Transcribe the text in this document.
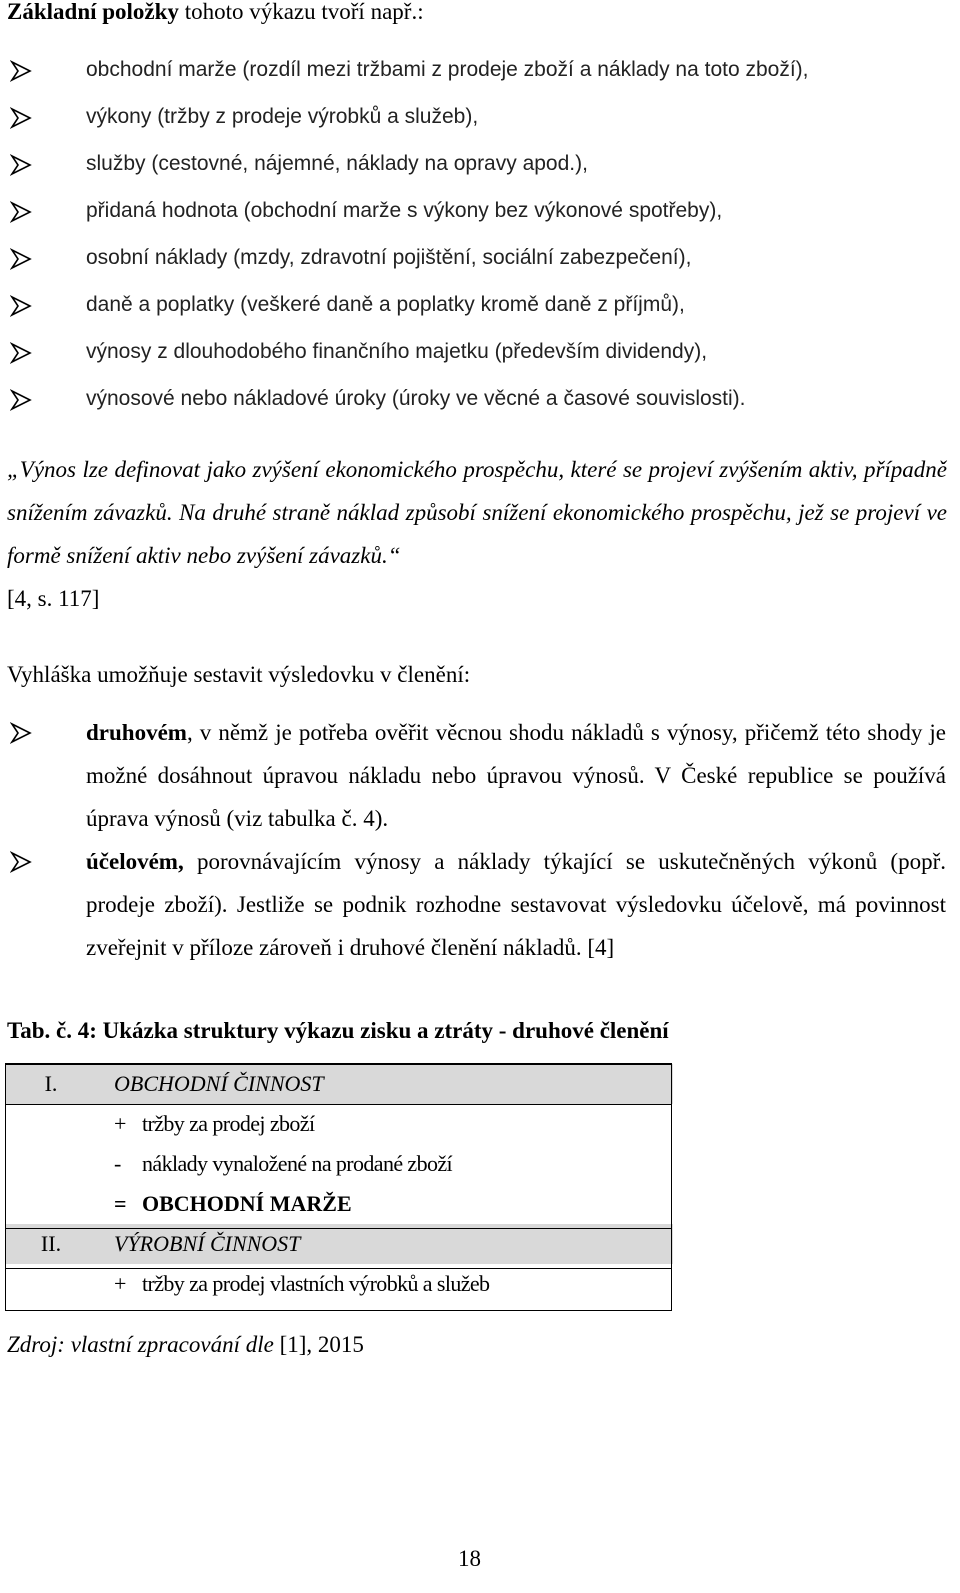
Základní položky tohoto výkazu tvoří např.:
obchodní marže (rozdíl mezi tržbami z prodeje zboží a náklady na toto zboží),
výkony (tržby z prodeje výrobků a služeb),
služby (cestovné, nájemné, náklady na opravy apod.),
přidaná hodnota (obchodní marže s výkony bez výkonové spotřeby),
osobní náklady (mzdy, zdravotní pojištění, sociální zabezpečení),
daně a poplatky (veškeré daně a poplatky kromě daně z příjmů),
výnosy z dlouhodobého finančního majetku (především dividendy),
výnosové nebo nákladové úroky (úroky ve věcné a časové souvislosti).
„Výnos lze definovat jako zvýšení ekonomického prospěchu, které se projeví zvýšením aktiv, případně snížením závazků. Na druhé straně náklad způsobí snížení ekonomického prospěchu, jež se projeví ve formě snížení aktiv nebo zvýšení závazků.“
[4, s. 117]
Vyhláška umožňuje sestavit výsledovku v členění:
druhovém, v němž je potřeba ověřit věcnou shodu nákladů s výnosy, přičemž této shody je možné dosáhnout úpravou nákladu nebo úpravou výnosů. V České republice se používá úprava výnosů (viz tabulka č. 4).
účelovém, porovnávajícím výnosy a náklady týkající se uskutečněných výkonů (popř. prodeje zboží). Jestliže se podnik rozhodne sestavovat výsledovku účelově, má povinnost zveřejnit v příloze zároveň i druhové členění nákladů. [4]
Tab. č. 4: Ukázka struktury výkazu zisku a ztráty - druhové členění
I.	OBCHODNÍ ČINNOST
	+ tržby za prodej zboží
	- náklady vynaložené na prodané zboží
	= OBCHODNÍ MARŽE
II.	VÝROBNÍ ČINNOST
	+ tržby za prodej vlastních výrobků a služeb
Zdroj: vlastní zpracování dle [1], 2015
18
